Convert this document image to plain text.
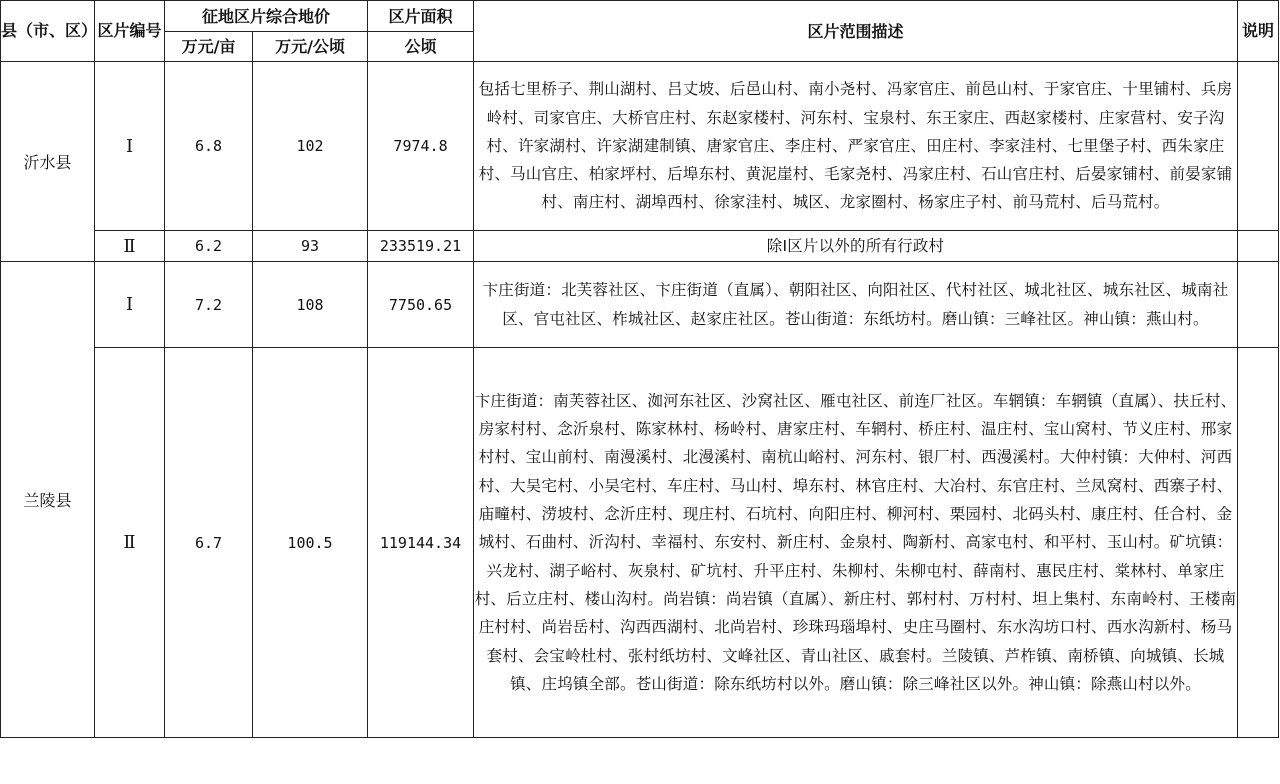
县（市、区）	区片编号	征地区片综合地价		区片面积	区片范围描述	说明
		万元/亩	万元/公顷	公顷		
沂水县	Ⅰ	6.8	102	7974.8	包括七里桥子、荆山湖村、吕丈坡、后邑山村、南小尧村、冯家官庄、前邑山村、于家官庄、十里铺村、兵房岭村、司家官庄、大桥官庄村、东赵家楼村、河东村、宝泉村、东王家庄、西赵家楼村、庄家营村、安子沟村、许家湖村、许家湖建制镇、唐家官庄、李庄村、严家官庄、田庄村、李家洼村、七里堡子村、西朱家庄村、马山官庄、柏家坪村、后埠东村、黄泥崖村、毛家尧村、冯家庄村、石山官庄村、后晏家铺村、前晏家铺村、南庄村、湖埠西村、徐家洼村、城区、龙家圈村、杨家庄子村、前马荒村、后马荒村。	
	Ⅱ	6.2	93	233519.21	除Ⅰ区片以外的所有行政村	
兰陵县	Ⅰ	7.2	108	7750.65	卞庄街道：北芙蓉社区、卞庄街道（直属）、朝阳社区、向阳社区、代村社区、城北社区、城东社区、城南社区、官屯社区、柞城社区、赵家庄社区。苍山街道：东纸坊村。磨山镇：三峰社区。神山镇：燕山村。	
	Ⅱ	6.7	100.5	119144.34	卞庄街道：南芙蓉社区、洳河东社区、沙窝社区、雁屯社区、前连厂社区。车辋镇：车辋镇（直属）、扶丘村、房家村村、念沂泉村、陈家林村、杨岭村、唐家庄村、车辋村、桥庄村、温庄村、宝山窝村、节义庄村、邢家村村、宝山前村、南漫溪村、北漫溪村、南杭山峪村、河东村、银厂村、西漫溪村。大仲村镇：大仲村、河西村、大吴宅村、小吴宅村、车庄村、马山村、埠东村、林官庄村、大冶村、东官庄村、兰凤窝村、西寨子村、庙疃村、涝坡村、念沂庄村、现庄村、石坑村、向阳庄村、柳河村、栗园村、北码头村、康庄村、任合村、金城村、石曲村、沂沟村、幸福村、东安村、新庄村、金泉村、陶新村、高家屯村、和平村、玉山村。矿坑镇：兴龙村、湖子峪村、灰泉村、矿坑村、升平庄村、朱柳村、朱柳屯村、薛南村、惠民庄村、棠林村、单家庄村、后立庄村、楼山沟村。尚岩镇：尚岩镇（直属）、新庄村、郭村村、万村村、坦上集村、东南岭村、王楼南庄村村、尚岩岳村、沟西西湖村、北尚岩村、珍珠玛瑙埠村、史庄马圈村、东水沟坊口村、西水沟新村、杨马套村、会宝岭杜村、张村纸坊村、文峰社区、青山社区、戚套村。兰陵镇、芦柞镇、南桥镇、向城镇、长城镇、庄坞镇全部。苍山街道：除东纸坊村以外。磨山镇：除三峰社区以外。神山镇：除燕山村以外。	
